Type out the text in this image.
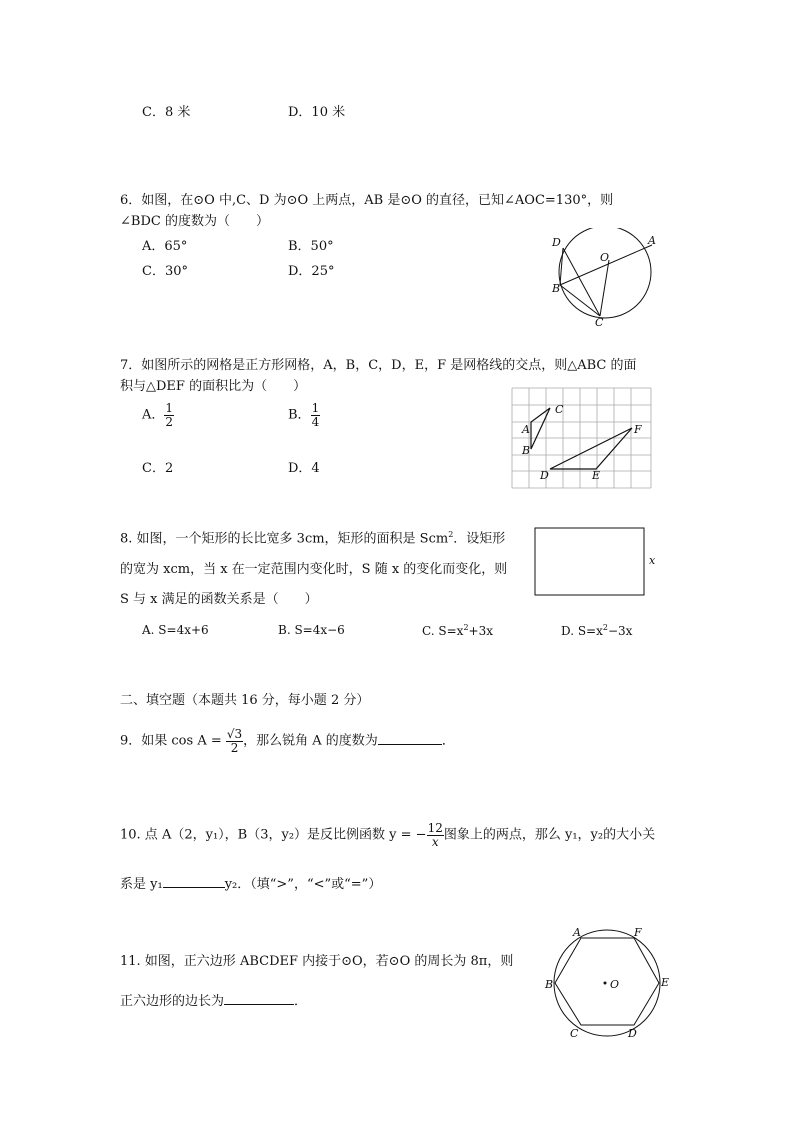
C．8 米	D．10 米
6．如图，在⊙O 中,C、D 为⊙O 上两点，AB 是⊙O 的直径，已知∠AOC=130°，则
∠BDC 的度数为（　　）
A．65°	B．50°
C．30°	D．25°
D	A
O
B
C
7．如图所示的网格是正方形网格，A，B，C，D，E，F 是网格线的交点，则△ABC 的面
积与△DEF 的面积比为（　　）
A． $\frac{1}{2}$	B． $\frac{1}{4}$
C．2	D．4
A
B
C
D	E
F
8. 如图，一个矩形的长比宽多 3cm，矩形的面积是 Scm$^2$．设矩形
的宽为 xcm，当 x 在一定范围内变化时，S 随 x 的变化而变化，则
S 与 x 满足的函数关系是（　　）
A. S=4x+6	B. S=4x−6	C. $S=x^2+3x$	D. $S=x^2-3x$
x
二、填空题（本题共 16 分，每小题 2 分）
9．如果 $\cos A = \frac{√3}{2}$ ，那么锐角 A 的度数为	．
10. 点 A（2，y₁），B（3，y₂）是反比例函数 y = − $\frac{12}{x}$ 图象上的两点，那么 y₁，y₂的大小关
系是 y₁	y₂．（填“>”，“<”或“=”）
11. 如图，正六边形 ABCDEF 内接于⊙O，若⊙O 的周长为 8π，则
正六边形的边长为	．
A	F
B	O	E
C	D
